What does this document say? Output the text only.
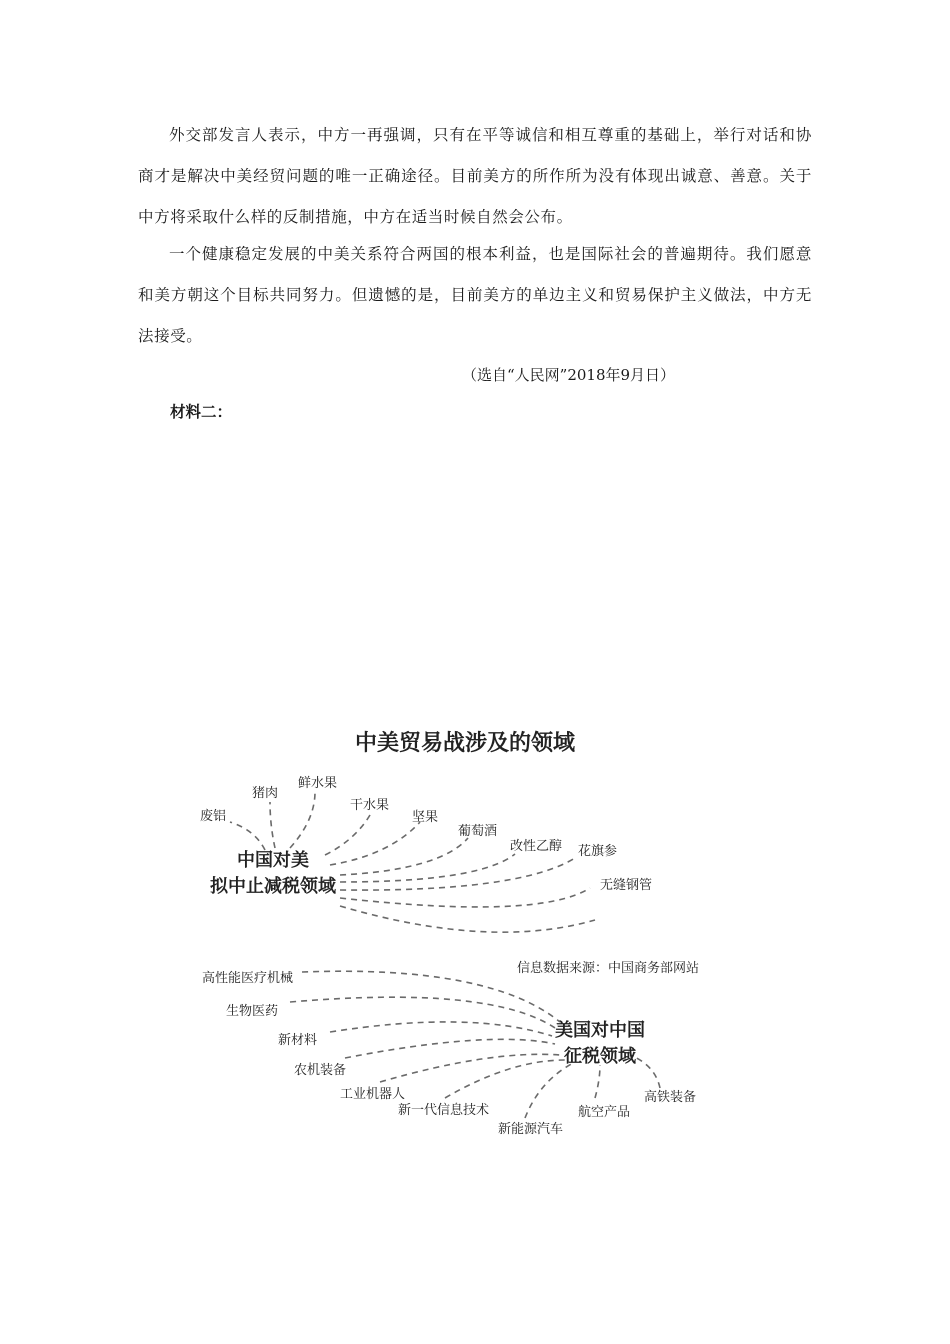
外交部发言人表示，中方一再强调，只有在平等诚信和相互尊重的基础上，举行对话和协商才是解决中美经贸问题的唯一正确途径。目前美方的所作所为没有体现出诚意、善意。关于中方将采取什么样的反制措施，中方在适当时候自然会公布。

一个健康稳定发展的中美关系符合两国的根本利益，也是国际社会的普遍期待。我们愿意和美方朝这个目标共同努力。但遗憾的是，目前美方的单边主义和贸易保护主义做法，中方无法接受。

（选自“人民网”2018年9月日）

材料二：

中美贸易战涉及的领域
中国对美
拟中止减税领域
废铝
猪肉
鲜水果
干水果
坚果
葡萄酒
改性乙醇 花旗参
无缝钢管
信息数据来源：中国商务部网站
高性能医疗机械
生物医药
新材料
农机装备
工业机器人
新一代信息技术
新能源汽车
航空产品
高铁装备
美国对中国
征税领域
